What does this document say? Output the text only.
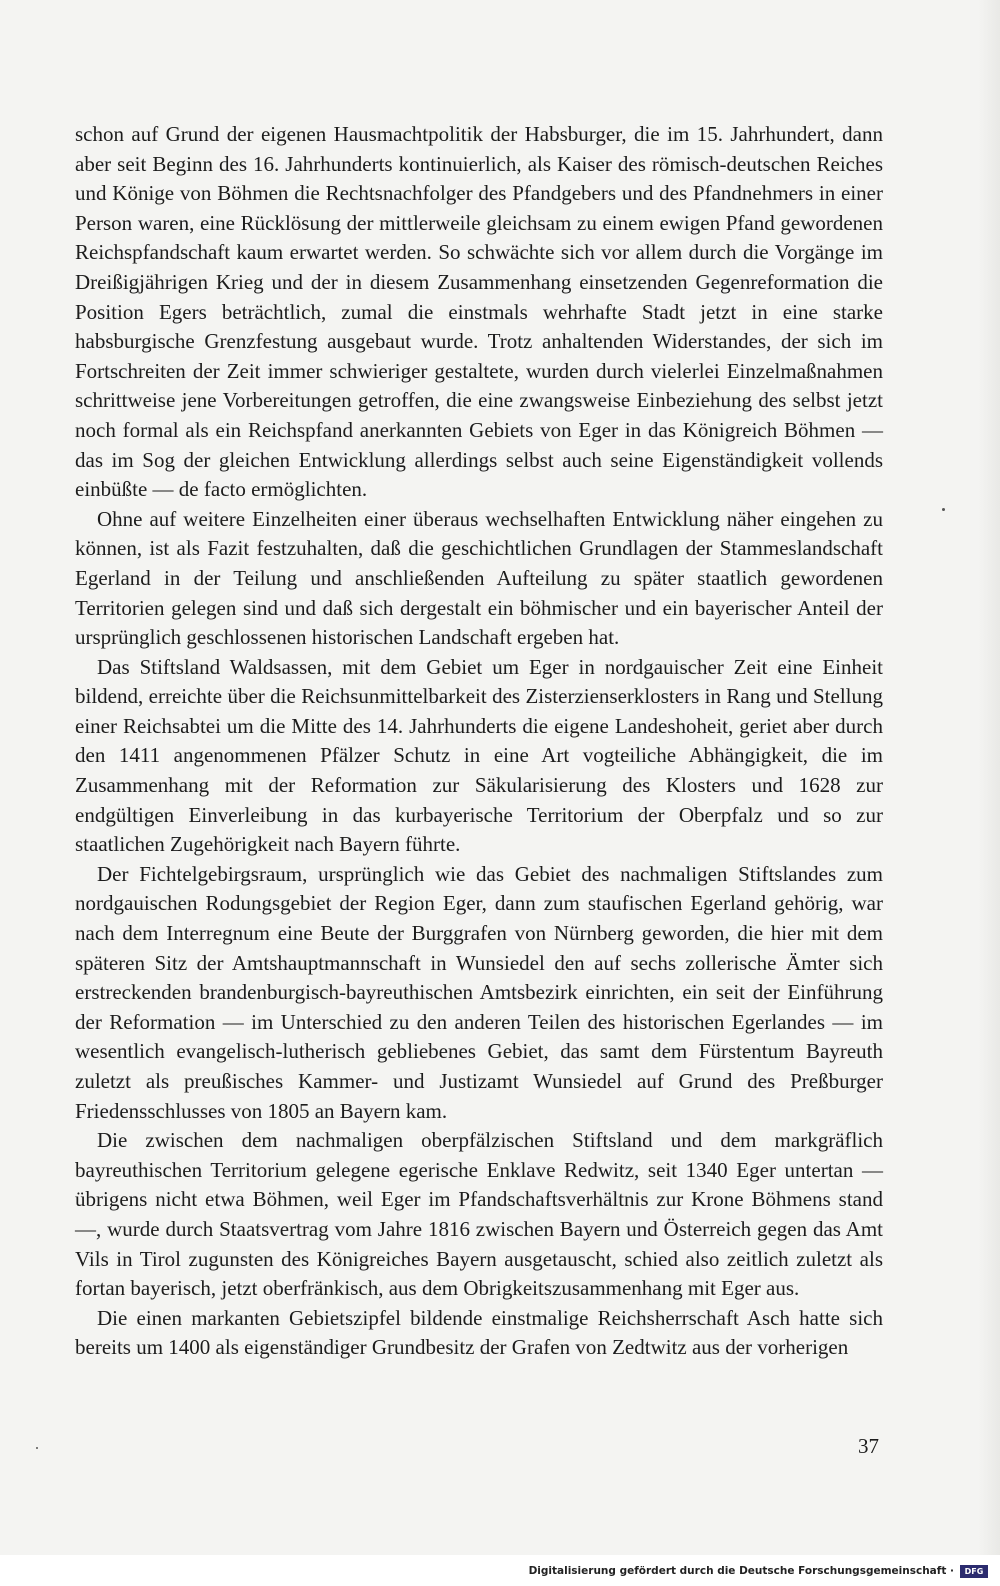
schon auf Grund der eigenen Hausmachtpolitik der Habsburger, die im 15. Jahrhundert, dann aber seit Beginn des 16. Jahrhunderts kontinuierlich, als Kaiser des römisch-deutschen Reiches und Könige von Böhmen die Rechtsnachfolger des Pfandgebers und des Pfandnehmers in einer Person waren, eine Rücklösung der mittlerweile gleichsam zu einem ewigen Pfand gewordenen Reichspfandschaft kaum erwartet werden. So schwächte sich vor allem durch die Vorgänge im Dreißigjährigen Krieg und der in diesem Zusammenhang einsetzenden Gegenreformation die Position Egers beträchtlich, zumal die einstmals wehrhafte Stadt jetzt in eine starke habsburgische Grenzfestung ausgebaut wurde. Trotz anhaltenden Widerstandes, der sich im Fortschreiten der Zeit immer schwieriger gestaltete, wurden durch vielerlei Einzelmaßnahmen schrittweise jene Vorbereitungen getroffen, die eine zwangsweise Einbeziehung des selbst jetzt noch formal als ein Reichspfand anerkannten Gebiets von Eger in das Königreich Böhmen — das im Sog der gleichen Entwicklung allerdings selbst auch seine Eigenständigkeit vollends einbüßte — de facto ermöglichten.

Ohne auf weitere Einzelheiten einer überaus wechselhaften Entwicklung näher eingehen zu können, ist als Fazit festzuhalten, daß die geschichtlichen Grundlagen der Stammeslandschaft Egerland in der Teilung und anschließenden Aufteilung zu später staatlich gewordenen Territorien gelegen sind und daß sich dergestalt ein böhmischer und ein bayerischer Anteil der ursprünglich geschlossenen historischen Landschaft ergeben hat.

Das Stiftsland Waldsassen, mit dem Gebiet um Eger in nordgauischer Zeit eine Einheit bildend, erreichte über die Reichsunmittelbarkeit des Zisterzienserklosters in Rang und Stellung einer Reichsabtei um die Mitte des 14. Jahrhunderts die eigene Landeshoheit, geriet aber durch den 1411 angenommenen Pfälzer Schutz in eine Art vogteiliche Abhängigkeit, die im Zusammenhang mit der Reformation zur Säkularisierung des Klosters und 1628 zur endgültigen Einverleibung in das kurbayerische Territorium der Oberpfalz und so zur staatlichen Zugehörigkeit nach Bayern führte.

Der Fichtelgebirgsraum, ursprünglich wie das Gebiet des nachmaligen Stiftslandes zum nordgauischen Rodungsgebiet der Region Eger, dann zum staufischen Egerland gehörig, war nach dem Interregnum eine Beute der Burggrafen von Nürnberg geworden, die hier mit dem späteren Sitz der Amtshauptmannschaft in Wunsiedel den auf sechs zollerische Ämter sich erstreckenden brandenburgisch-bayreuthischen Amtsbezirk einrichten, ein seit der Einführung der Reformation — im Unterschied zu den anderen Teilen des historischen Egerlandes — im wesentlich evangelisch-lutherisch gebliebenes Gebiet, das samt dem Fürstentum Bayreuth zuletzt als preußisches Kammer- und Justizamt Wunsiedel auf Grund des Preßburger Friedensschlusses von 1805 an Bayern kam.

Die zwischen dem nachmaligen oberpfälzischen Stiftsland und dem markgräflich bayreuthischen Territorium gelegene egerische Enklave Redwitz, seit 1340 Eger untertan — übrigens nicht etwa Böhmen, weil Eger im Pfandschaftsverhältnis zur Krone Böhmens stand —, wurde durch Staatsvertrag vom Jahre 1816 zwischen Bayern und Österreich gegen das Amt Vils in Tirol zugunsten des Königreiches Bayern ausgetauscht, schied also zeitlich zuletzt als fortan bayerisch, jetzt oberfränkisch, aus dem Obrigkeitszusammenhang mit Eger aus.

Die einen markanten Gebietszipfel bildende einstmalige Reichsherrschaft Asch hatte sich bereits um 1400 als eigenständiger Grundbesitz der Grafen von Zedtwitz aus der vorherigen

37
Digitalisierung gefördert durch die Deutsche Forschungsgemeinschaft ·	DFG
